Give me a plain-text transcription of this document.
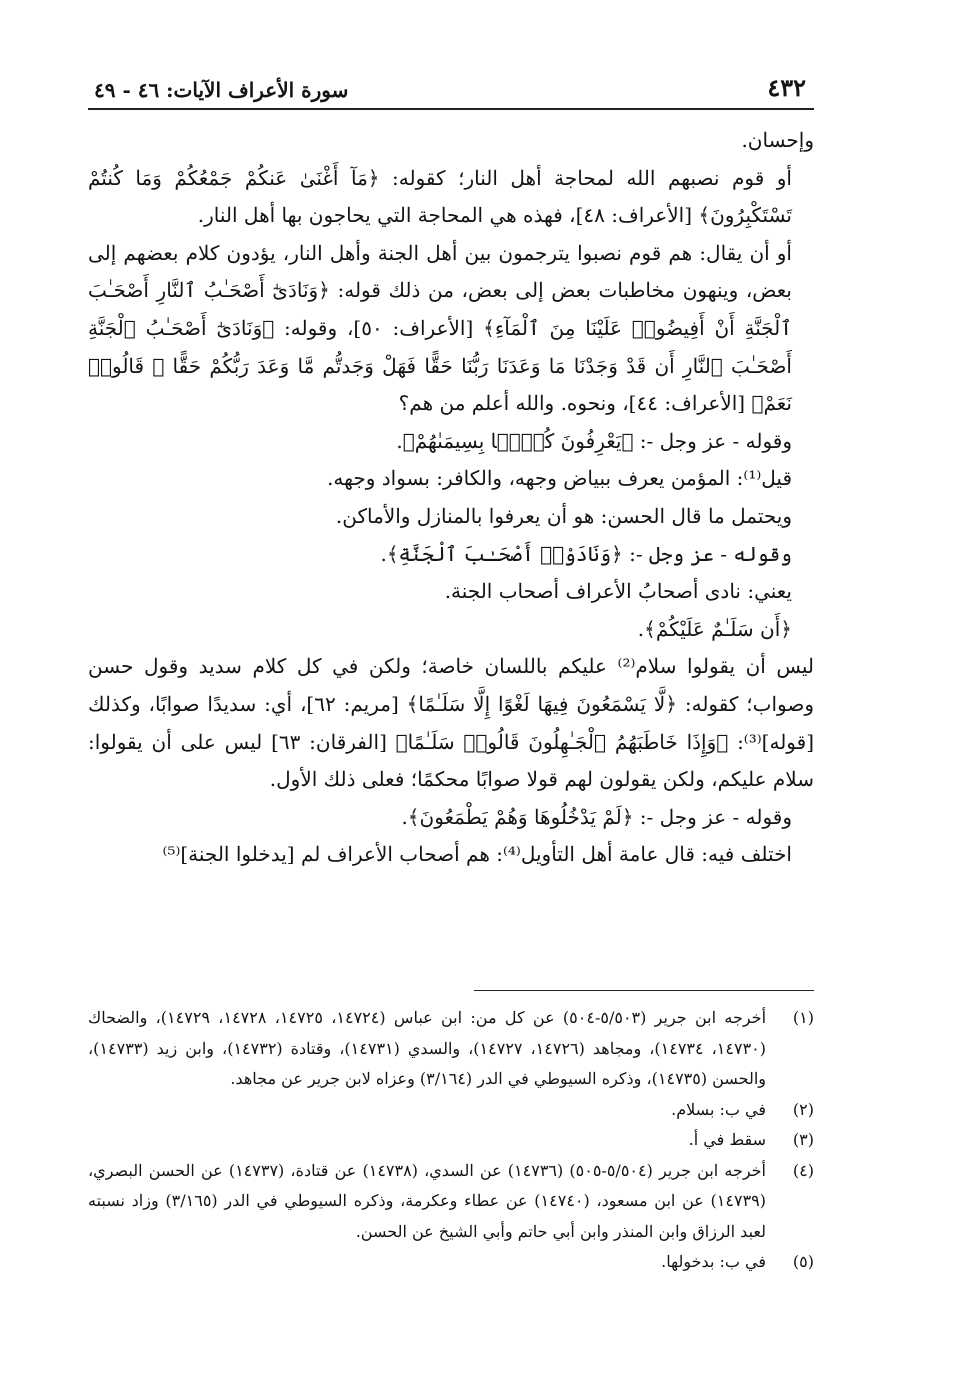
٤٣٢
سورة الأعراف الآيات: ٤٦ - ٤٩

وإحسان.

أو قوم نصبهم الله لمحاجة أهل النار؛ كقوله: ﴿مَآ أَغْنَىٰ عَنكُمْ جَمْعُكُمْ وَمَا كُنتُمْ تَسْتَكْبِرُونَ﴾ [الأعراف: ٤٨]، فهذه هي المحاجة التي يحاجون بها أهل النار.

أو أن يقال: هم قوم نصبوا يترجمون بين أهل الجنة وأهل النار، يؤدون كلام بعضهم إلى بعض، وينهون مخاطبات بعض إلى بعض، من ذلك قوله: ﴿وَنَادَىٰٓ أَصْحَـٰبُ ٱلنَّارِ أَصْحَـٰبَ ٱلْجَنَّةِ أَنْ أَفِيضُوا۟ عَلَيْنَا مِنَ ٱلْمَآءِ﴾ [الأعراف: ٥٠]، وقوله: ﴿وَنَادَىٰٓ أَصْحَـٰبُ ٱلْجَنَّةِ أَصْحَـٰبَ ٱلنَّارِ أَن قَدْ وَجَدْنَا مَا وَعَدَنَا رَبُّنَا حَقًّا فَهَلْ وَجَدتُّم مَّا وَعَدَ رَبُّكُمْ حَقًّا ۖ قَالُوا۟ نَعَمْ﴾ [الأعراف: ٤٤]، ونحوه. والله أعلم من هم؟

وقوله - عز وجل -: ﴿يَعْرِفُونَ كُلًّۢا بِسِيمَىٰهُمْ﴾.

قيل⁽¹⁾: المؤمن يعرف ببياض وجهه، والكافر: بسواد وجهه.

ويحتمل ما قال الحسن: هو أن يعرفوا بالمنازل والأماكن.

وقوله - عز وجل -: ﴿وَنَادَوْا۟ أَصْحَـٰبَ ٱلْجَنَّةِ﴾.

يعني: نادى أصحابُ الأعراف أصحاب الجنة.

﴿أَن سَلَـٰمٌ عَلَيْكُمْ﴾.

ليس أن يقولوا سلام⁽²⁾ عليكم باللسان خاصة؛ ولكن في كل كلام سديد وقول حسن وصواب؛ كقوله: ﴿لَّا يَسْمَعُونَ فِيهَا لَغْوًا إِلَّا سَلَـٰمًا﴾ [مريم: ٦٢]، أي: سديدًا صوابًا، وكذلك [قوله]⁽³⁾: ﴿وَإِذَا خَاطَبَهُمُ ٱلْجَـٰهِلُونَ قَالُوا۟ سَلَـٰمًا﴾ [الفرقان: ٦٣] ليس على أن يقولوا: سلام عليكم، ولكن يقولون لهم قولا صوابًا محكمًا؛ فعلى ذلك الأول.

وقوله - عز وجل -: ﴿لَمْ يَدْخُلُوهَا وَهُمْ يَطْمَعُونَ﴾.

اختلف فيه: قال عامة أهل التأويل⁽⁴⁾: هم أصحاب الأعراف لم [يدخلوا الجنة]⁽⁵⁾

(١)
أخرجه ابن جرير (٥/٥٠٣-٥٠٤) عن كل من: ابن عباس (١٤٧٢٤، ١٤٧٢٥، ١٤٧٢٨، ١٤٧٢٩)، والضحاك (١٤٧٣٠، ١٤٧٣٤)، ومجاهد (١٤٧٢٦، ١٤٧٢٧)، والسدي (١٤٧٣١)، وقتادة (١٤٧٣٢)، وابن زيد (١٤٧٣٣)، والحسن (١٤٧٣٥)، وذكره السيوطي في الدر (٣/١٦٤) وعزاه لابن جرير عن مجاهد.
(٢)
في ب: بسلام.
(٣)
سقط في أ.
(٤)
أخرجه ابن جرير (٥/٥٠٤-٥٠٥) (١٤٧٣٦) عن السدي، (١٤٧٣٨) عن قتادة، (١٤٧٣٧) عن الحسن البصري، (١٤٧٣٩) عن ابن مسعود، (١٤٧٤٠) عن عطاء وعكرمة، وذكره السيوطي في الدر (٣/١٦٥) وزاد نسبته لعبد الرزاق وابن المنذر وابن أبي حاتم وأبي الشيخ عن الحسن.
(٥)
في ب: بدخولها.
